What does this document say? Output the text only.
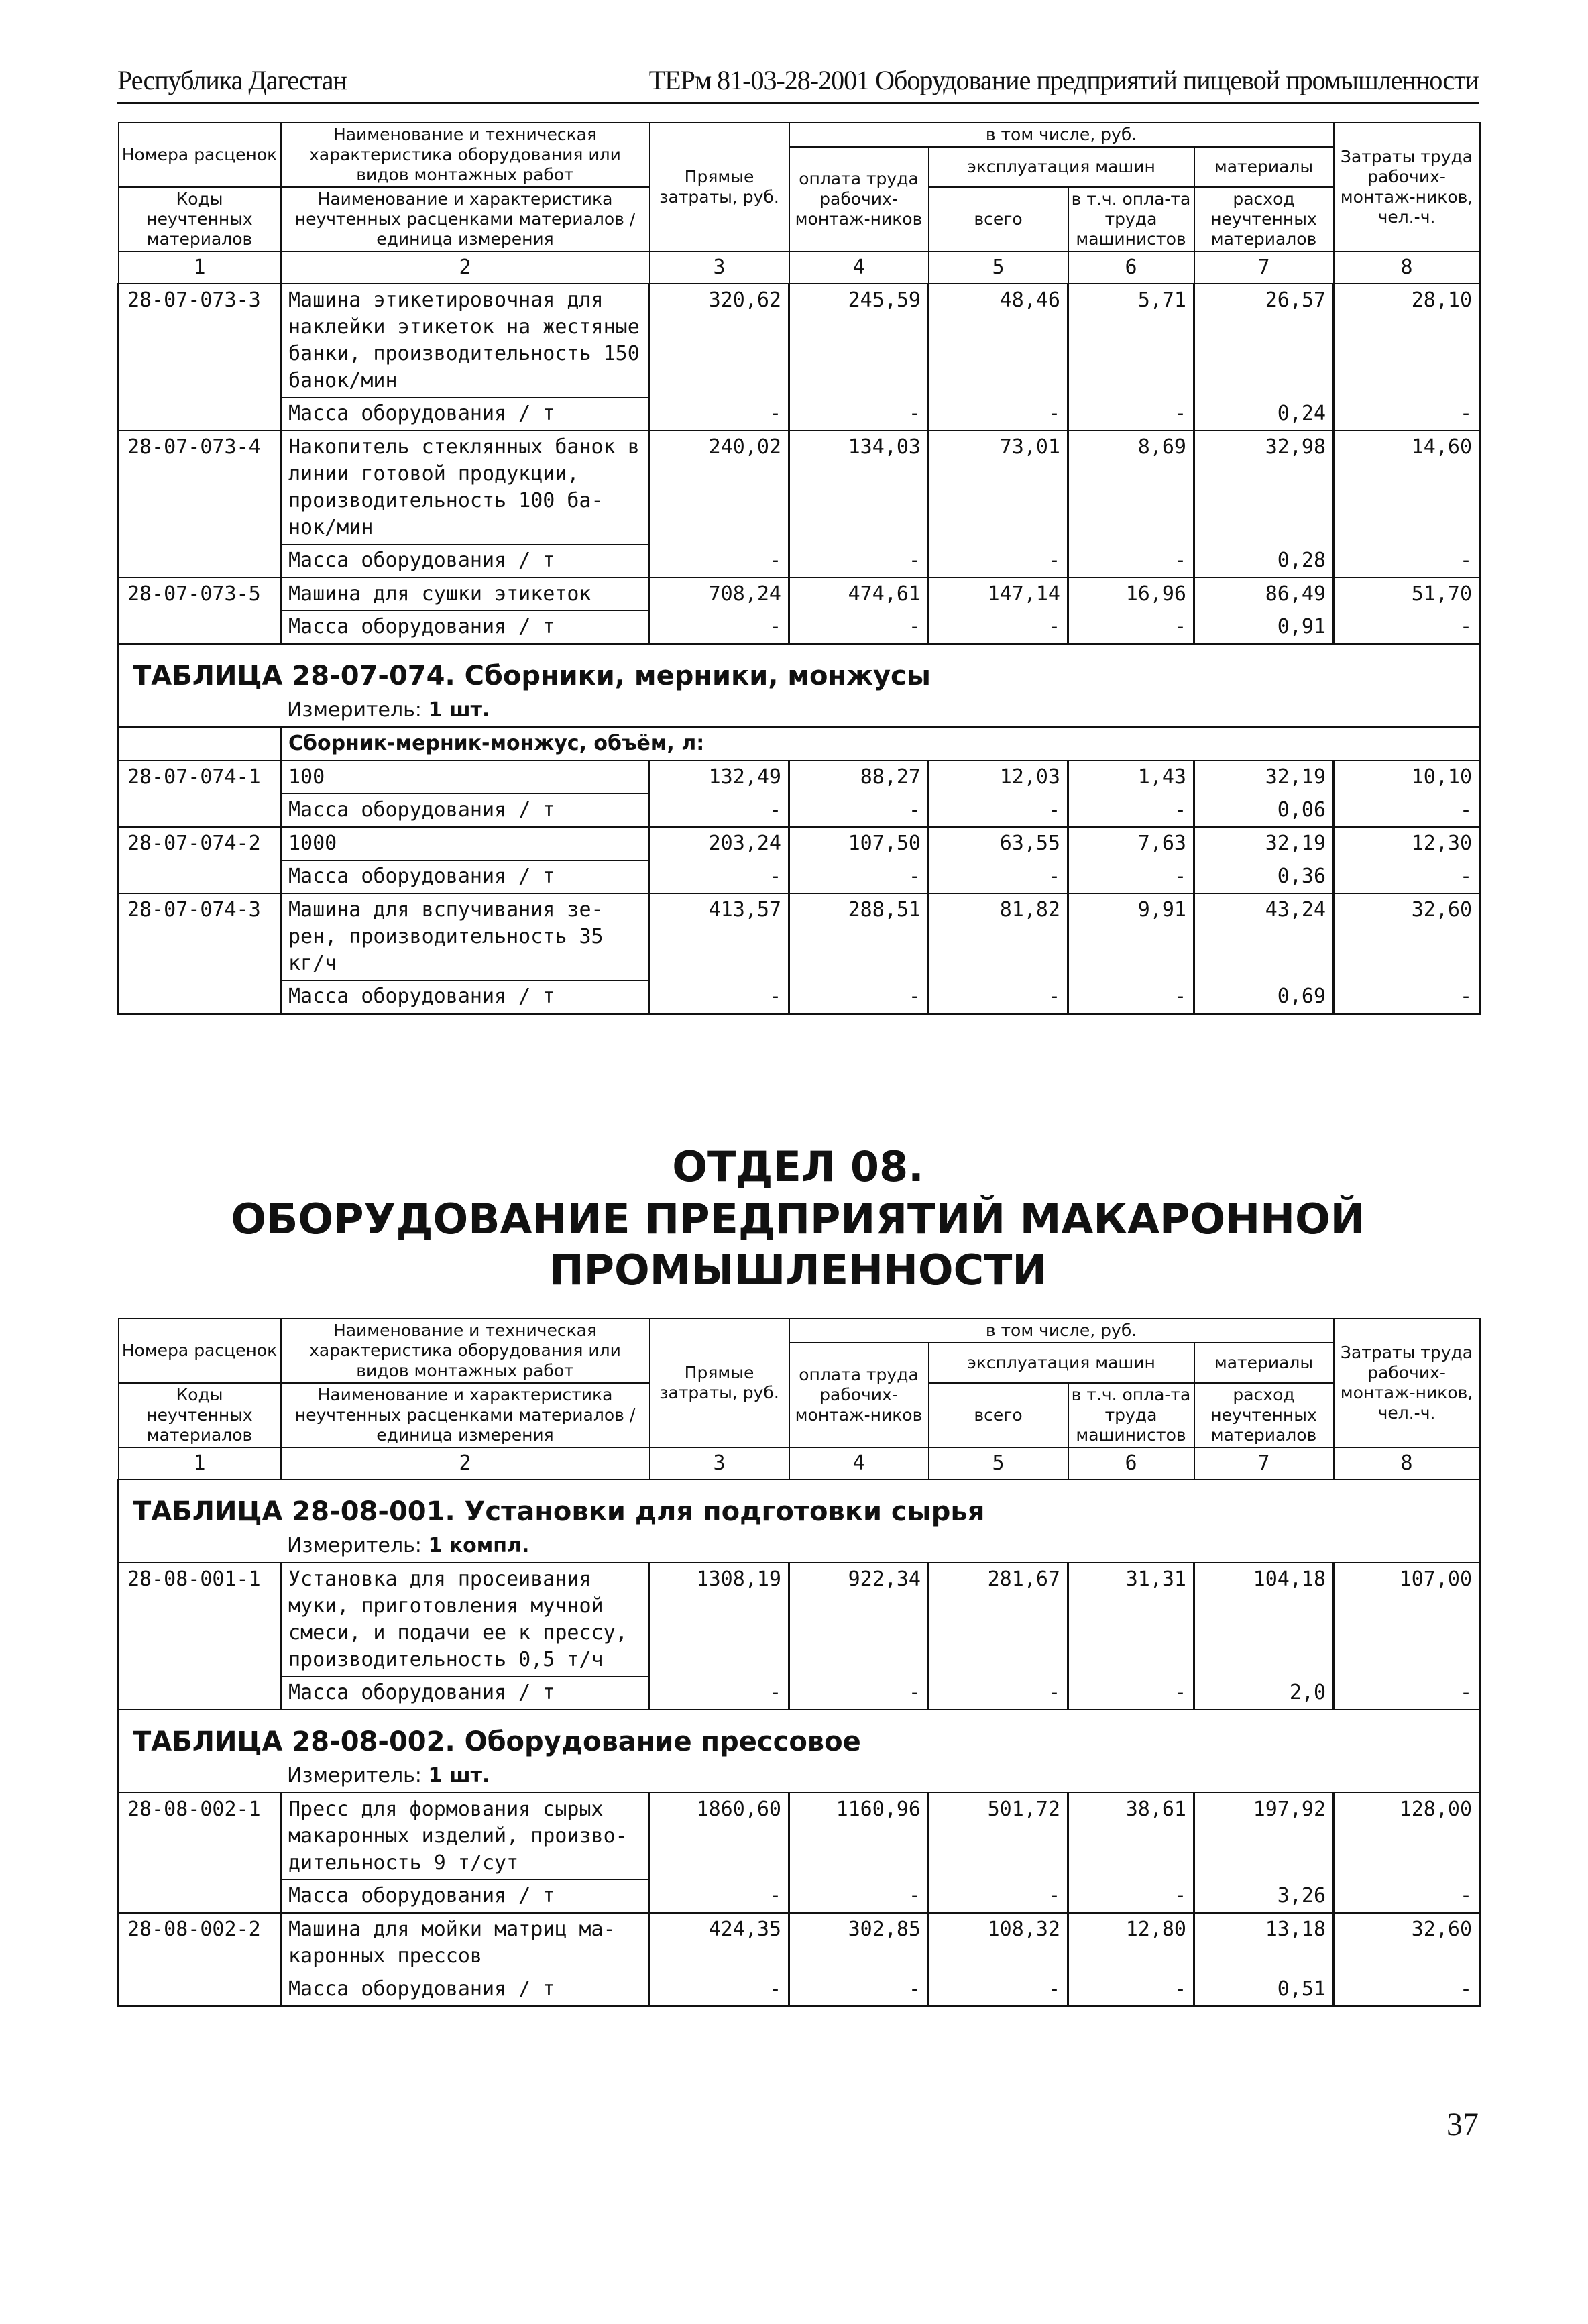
Республика Дагестан	ТЕРм 81-03-28-2001 Оборудование предприятий пищевой промышленности
Номера расценок	Наименование и техническая характеристика оборудования или видов монтажных работ	Прямые затраты, руб.	в том числе, руб.				Затраты труда рабочих-монтаж-ников, чел.-ч.
			оплата труда рабочих-монтаж-ников	эксплуатация машин		материалы	
Коды неучтенных материалов	Наименование и характеристика неучтенных расценками материалов / единица измерения			всего	в т.ч. опла-та труда машинистов	расход неучтенных материалов	

1	2	3	4	5	6	7	8
28-07-073-3	Машина этикетировочная для наклейки этикеток на жестяные банки, производительность 150 банок/мин	320,62	245,59	48,46	5,71	26,57	28,10
	Масса оборудования / т	-	-	-	-	0,24	-
28-07-073-4	Накопитель стеклянных банок в линии готовой продукции, производительность 100 ба-нок/мин	240,02	134,03	73,01	8,69	32,98	14,60
	Масса оборудования / т	-	-	-	-	0,28	-
28-07-073-5	Машина для сушки этикеток	708,24	474,61	147,14	16,96	86,49	51,70
	Масса оборудования / т	-	-	-	-	0,91	-

ТАБЛИЦА 28-07-074. Сборники, мерники, монжусы
Измеритель: 1 шт.							

	Сборник-мерник-монжус, объём, л:						
28-07-074-1	100	132,49	88,27	12,03	1,43	32,19	10,10
	Масса оборудования / т	-	-	-	-	0,06	-
28-07-074-2	1000	203,24	107,50	63,55	7,63	32,19	12,30
	Масса оборудования / т	-	-	-	-	0,36	-
28-07-074-3	Машина для вспучивания зе-рен, производительность 35 кг/ч	413,57	288,51	81,82	9,91	43,24	32,60
	Масса оборудования / т	-	-	-	-	0,69	-
ОТДЕЛ 08.
ОБОРУДОВАНИЕ ПРЕДПРИЯТИЙ МАКАРОННОЙ
ПРОМЫШЛЕННОСТИ
Номера расценок	Наименование и техническая характеристика оборудования или видов монтажных работ	Прямые затраты, руб.	в том числе, руб.				Затраты труда рабочих-монтаж-ников, чел.-ч.
			оплата труда рабочих-монтаж-ников	эксплуатация машин		материалы	
Коды неучтенных материалов	Наименование и характеристика неучтенных расценками материалов / единица измерения			всего	в т.ч. опла-та труда машинистов	расход неучтенных материалов	

1	2	3	4	5	6	7	8

ТАБЛИЦА 28-08-001. Установки для подготовки сырья
Измеритель: 1 компл.							

28-08-001-1	Установка для просеивания муки, приготовления мучной смеси, и подачи ее к прессу, производительность 0,5 т/ч	1308,19	922,34	281,67	31,31	104,18	107,00
	Масса оборудования / т	-	-	-	-	2,0	-

ТАБЛИЦА 28-08-002. Оборудование прессовое
Измеритель: 1 шт.							

28-08-002-1	Пресс для формования сырых макаронных изделий, произво-дительность 9 т/сут	1860,60	1160,96	501,72	38,61	197,92	128,00
	Масса оборудования / т	-	-	-	-	3,26	-
28-08-002-2	Машина для мойки матриц ма-каронных прессов	424,35	302,85	108,32	12,80	13,18	32,60
	Масса оборудования / т	-	-	-	-	0,51	-
37
